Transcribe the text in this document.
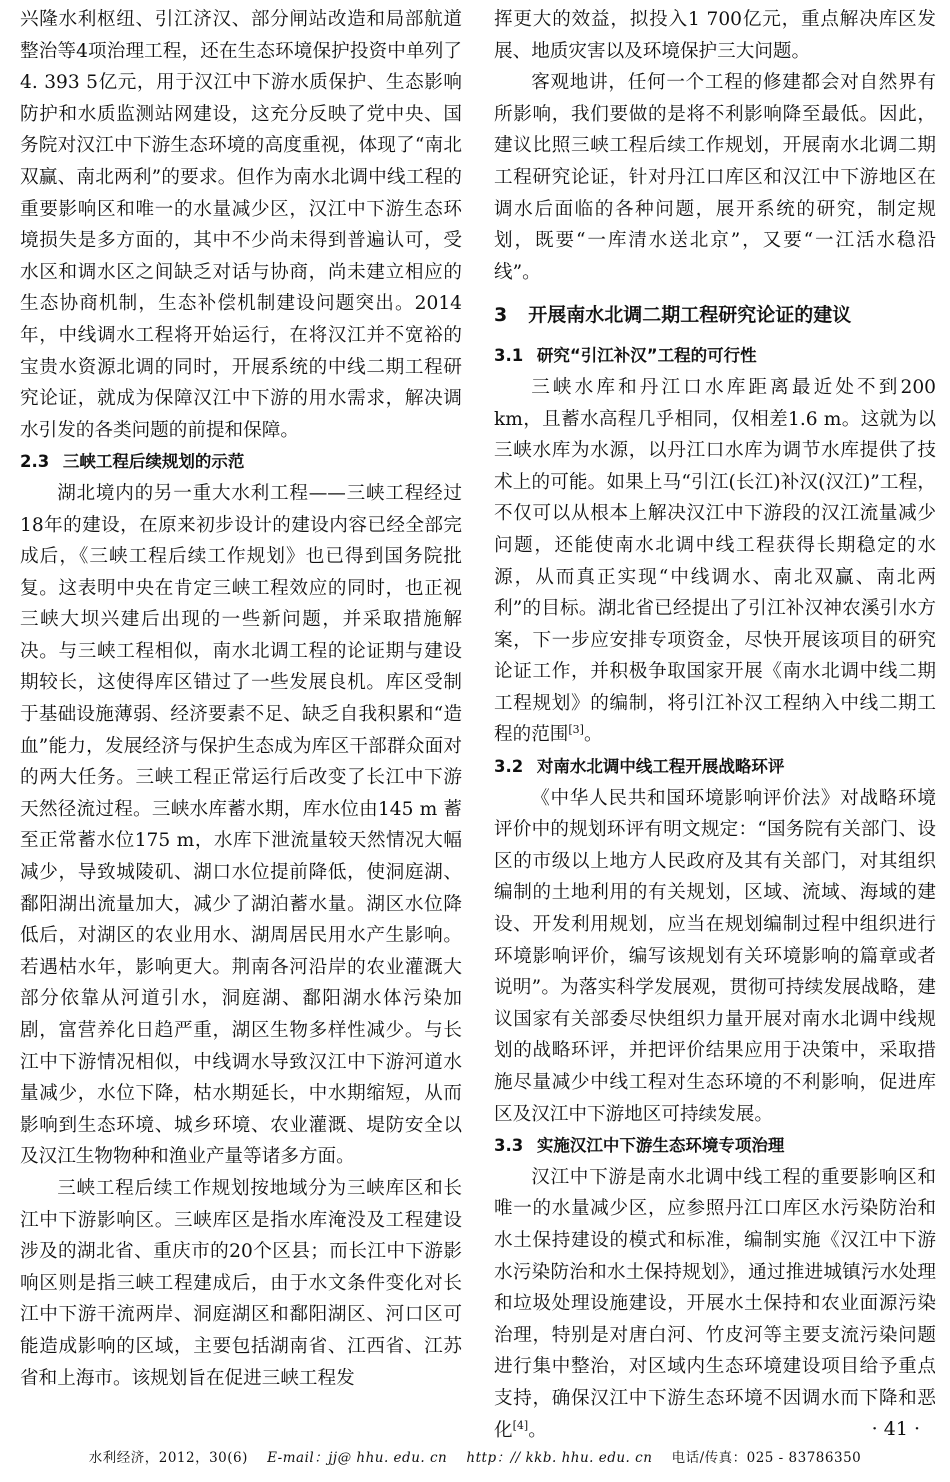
兴隆水利枢纽、引江济汉、部分闸站改造和局部航道整治等4项治理工程，还在生态环境保护投资中单列了4. 393 5亿元，用于汉江中下游水质保护、生态影响防护和水质监测站网建设，这充分反映了党中央、国务院对汉江中下游生态环境的高度重视，体现了“南北双赢、南北两利”的要求。但作为南水北调中线工程的重要影响区和唯一的水量减少区，汉江中下游生态环境损失是多方面的，其中不少尚未得到普遍认可，受水区和调水区之间缺乏对话与协商，尚未建立相应的生态协商机制，生态补偿机制建设问题突出。2014 年，中线调水工程将开始运行，在将汉江并不宽裕的宝贵水资源北调的同时，开展系统的中线二期工程研究论证，就成为保障汉江中下游的用水需求，解决调水引发的各类问题的前提和保障。

2.3 三峡工程后续规划的示范

湖北境内的另一重大水利工程——三峡工程经过18年的建设，在原来初步设计的建设内容已经全部完成后，《三峡工程后续工作规划》也已得到国务院批复。这表明中央在肯定三峡工程效应的同时，也正视三峡大坝兴建后出现的一些新问题，并采取措施解决。与三峡工程相似，南水北调工程的论证期与建设期较长，这使得库区错过了一些发展良机。库区受制于基础设施薄弱、经济要素不足、缺乏自我积累和“造血”能力，发展经济与保护生态成为库区干部群众面对的两大任务。三峡工程正常运行后改变了长江中下游天然径流过程。三峡水库蓄水期，库水位由145 m 蓄至正常蓄水位175 m，水库下泄流量较天然情况大幅减少，导致城陵矶、湖口水位提前降低，使洞庭湖、鄱阳湖出流量加大，减少了湖泊蓄水量。湖区水位降低后，对湖区的农业用水、湖周居民用水产生影响。若遇枯水年，影响更大。荆南各河沿岸的农业灌溉大部分依靠从河道引水，洞庭湖、鄱阳湖水体污染加剧，富营养化日趋严重，湖区生物多样性减少。与长江中下游情况相似，中线调水导致汉江中下游河道水量减少，水位下降，枯水期延长，中水期缩短，从而影响到生态环境、城乡环境、农业灌溉、堤防安全以及汉江生物物种和渔业产量等诸多方面。

三峡工程后续工作规划按地域分为三峡库区和长江中下游影响区。三峡库区是指水库淹没及工程建设涉及的湖北省、重庆市的20个区县；而长江中下游影响区则是指三峡工程建成后，由于水文条件变化对长江中下游干流两岸、洞庭湖区和鄱阳湖区、河口区可能造成影响的区域，主要包括湖南省、江西省、江苏省和上海市。该规划旨在促进三峡工程发

挥更大的效益，拟投入1 700亿元，重点解决库区发展、地质灾害以及环境保护三大问题。

客观地讲，任何一个工程的修建都会对自然界有所影响，我们要做的是将不利影响降至最低。因此，建议比照三峡工程后续工作规划，开展南水北调二期工程研究论证，针对丹江口库区和汉江中下游地区在调水后面临的各种问题，展开系统的研究，制定规划，既要“一库清水送北京”，又要“一江活水稳沿线”。

3 开展南水北调二期工程研究论证的建议
3.1 研究“引江补汉”工程的可行性

三峡水库和丹江口水库距离最近处不到200 km，且蓄水高程几乎相同，仅相差1.6 m。这就为以三峡水库为水源，以丹江口水库为调节水库提供了技术上的可能。如果上马“引江(长江)补汉(汉江)”工程，不仅可以从根本上解决汉江中下游段的汉江流量减少问题，还能使南水北调中线工程获得长期稳定的水源，从而真正实现“中线调水、南北双赢、南北两利”的目标。湖北省已经提出了引江补汉神农溪引水方案，下一步应安排专项资金，尽快开展该项目的研究论证工作，并积极争取国家开展《南水北调中线二期工程规划》的编制，将引江补汉工程纳入中线二期工程的范围[3]。

3.2 对南水北调中线工程开展战略环评

《中华人民共和国环境影响评价法》对战略环境评价中的规划环评有明文规定：“国务院有关部门、设区的市级以上地方人民政府及其有关部门，对其组织编制的土地利用的有关规划，区域、流域、海域的建设、开发利用规划，应当在规划编制过程中组织进行环境影响评价，编写该规划有关环境影响的篇章或者说明”。为落实科学发展观，贯彻可持续发展战略，建议国家有关部委尽快组织力量开展对南水北调中线规划的战略环评，并把评价结果应用于决策中，采取措施尽量减少中线工程对生态环境的不利影响，促进库区及汉江中下游地区可持续发展。

3.3 实施汉江中下游生态环境专项治理

汉江中下游是南水北调中线工程的重要影响区和唯一的水量减少区，应参照丹江口库区水污染防治和水土保持建设的模式和标准，编制实施《汉江中下游水污染防治和水土保持规划》，通过推进城镇污水处理和垃圾处理设施建设，开展水土保持和农业面源污染治理，特别是对唐白河、竹皮河等主要支流污染问题进行集中整治，对区域内生态环境建设项目给予重点支持，确保汉江中下游生态环境不因调水而下降和恶化[4]。	· 41 ·
水利经济，2012，30(6) E-mail：jj@ hhu. edu. cn http：// kkb. hhu. edu. cn 电话/传真：025 - 83786350
